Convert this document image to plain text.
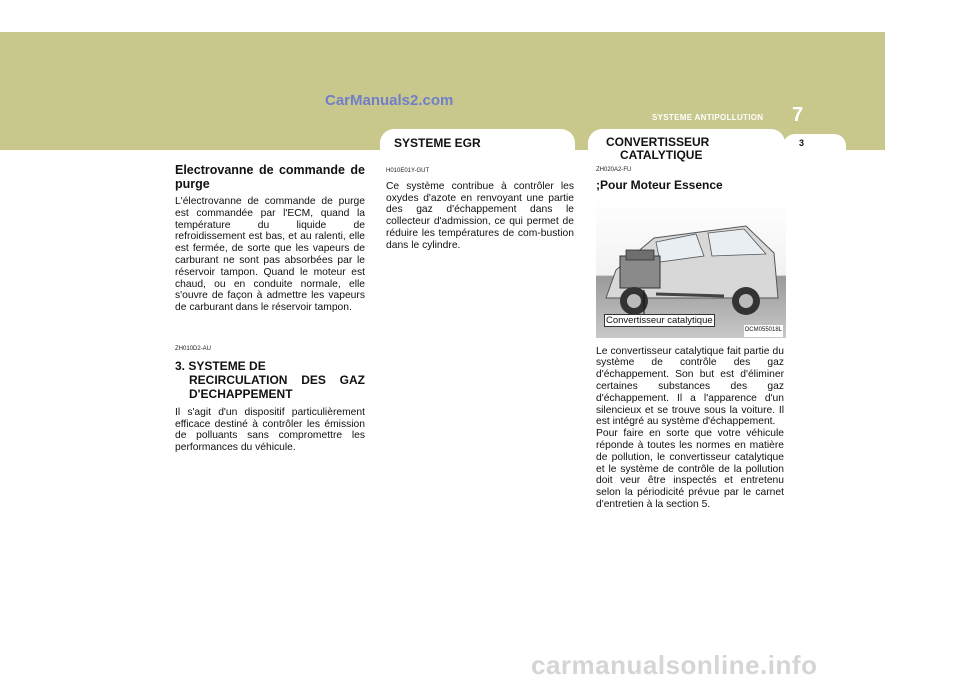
CarManuals2.com
SYSTEME ANTIPOLLUTION 7
3
SYSTEME EGR	CONVERTISSEUR
CATALYTIQUE
Electrovanne de commande de purge

L'électrovanne de commande de purge est commandée par l'ECM, quand la température du liquide de refroidissement est bas, et au ralenti, elle est fermée, de sorte que les vapeurs de carburant ne sont pas absorbées par le réservoir tampon. Quand le moteur est chaud, ou en conduite normale, elle s'ouvre de façon à admettre les vapeurs de carburant dans le réservoir tampon.

ZH010D2-AU
3. SYSTEME DE
RECIRCULATION DES GAZ D'ECHAPPEMENT

Il s'agit d'un dispositif particulièrement efficace destiné à contrôler les émission de polluants sans compromettre les performances du véhicule.

H010E01Y-GUT

Ce système contribue à contrôler les oxydes d'azote en renvoyant une partie des gaz d'échappement dans le collecteur d'admission, ce qui permet de réduire les températures de com-bustion dans le cylindre.

ZH020A2-FU
;Pour Moteur Essence
Convertisseur catalytique
OCM055018L

Le convertisseur catalytique fait partie du système de contrôle des gaz d'échappement. Son but est d'éliminer certaines substances des gaz d'échappement. Il a l'apparence d'un silencieux et se trouve sous la voiture. Il est intégré au système d'échappement.

Pour faire en sorte que votre véhicule réponde à toutes les normes en matière de pollution, le convertisseur catalytique et le système de contrôle de la pollution doit veur être inspectés et entretenu selon la périodicité prévue par le carnet d'entretien à la section 5.

carmanualsonline.info
